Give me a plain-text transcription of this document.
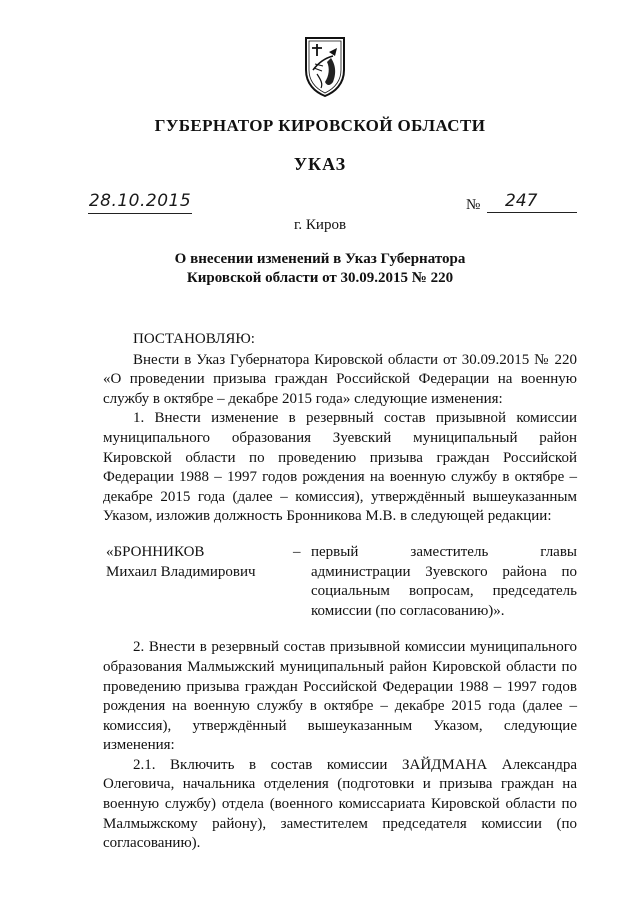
ГУБЕРНАТОР КИРОВСКОЙ ОБЛАСТИ
УКАЗ
28.10.2015	№	247
г. Киров
О внесении изменений в Указ Губернатора
Кировской области от 30.09.2015 № 220

ПОСТАНОВЛЯЮ:

Внести в Указ Губернатора Кировской области от 30.09.2015 № 220 «О проведении призыва граждан Российской Федерации на военную службу в октябре – декабре 2015 года» следующие изменения:

1. Внести изменение в резервный состав призывной комиссии муниципального образования Зуевский муниципальный район Кировской области по проведению призыва граждан Российской Федерации 1988 – 1997 годов рождения на военную службу в октябре – декабре 2015 года (далее – комиссия), утверждённый вышеуказанным Указом, изложив должность Бронникова М.В. в следующей редакции:

«БРОННИКОВ
Михаил Владимирович
– первый заместитель главы администрации Зуевского района по социальным вопросам, председатель комиссии (по согласованию)».

2. Внести в резервный состав призывной комиссии муниципального образования Малмыжский муниципальный район Кировской области по проведению призыва граждан Российской Федерации 1988 – 1997 годов рождения на военную службу в октябре – декабре 2015 года (далее – комиссия), утверждённый вышеуказанным Указом, следующие изменения:

2.1. Включить в состав комиссии ЗАЙДМАНА Александра Олеговича, начальника отделения (подготовки и призыва граждан на военную службу) отдела (военного комиссариата Кировской области по Малмыжскому району), заместителем председателя комиссии (по согласованию).
